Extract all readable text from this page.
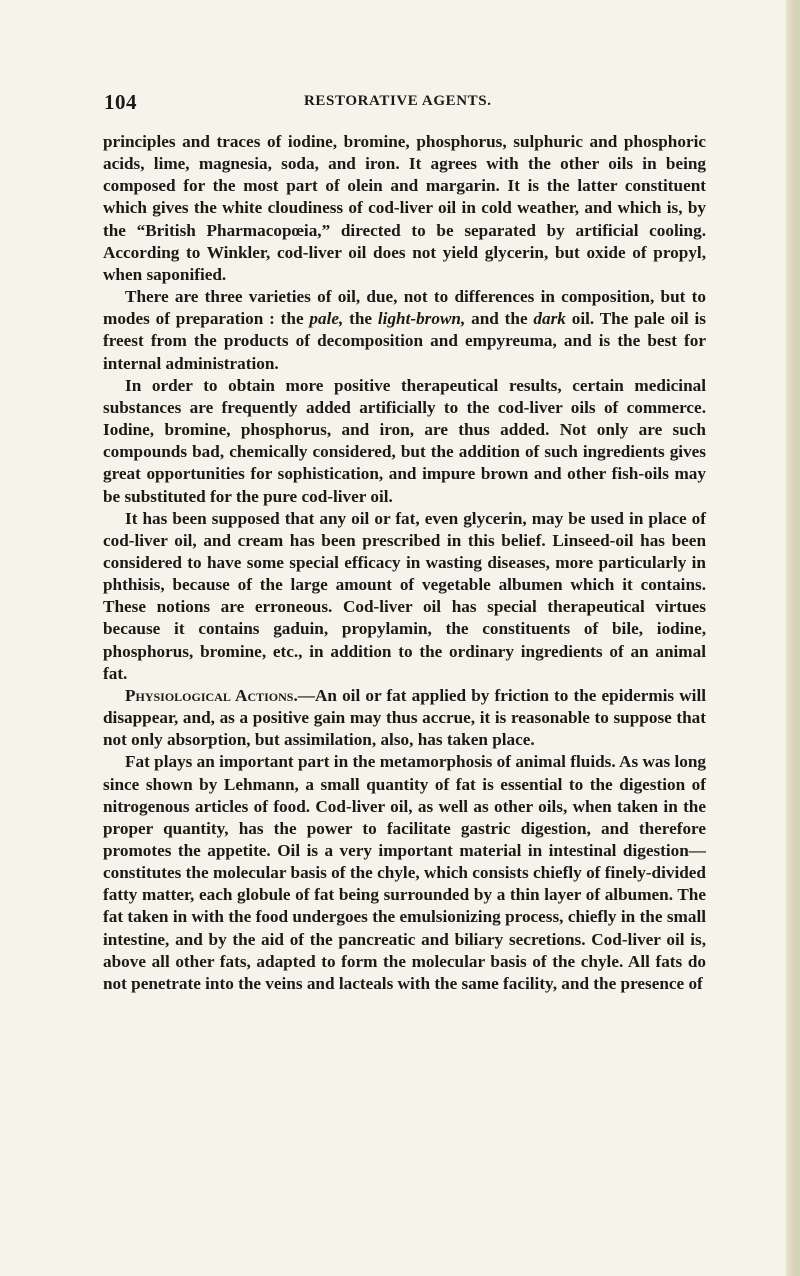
104	RESTORATIVE AGENTS.

principles and traces of iodine, bromine, phosphorus, sulphuric and phosphoric acids, lime, magnesia, soda, and iron. It agrees with the other oils in being composed for the most part of olein and margarin. It is the latter constituent which gives the white cloudiness of cod-liver oil in cold weather, and which is, by the “British Pharmacopœia,” directed to be separated by artificial cooling. According to Winkler, cod-liver oil does not yield glycerin, but oxide of propyl, when saponified.

There are three varieties of oil, due, not to differences in composition, but to modes of preparation : the pale, the light-brown, and the dark oil. The pale oil is freest from the products of decomposition and empyreuma, and is the best for internal administration.

In order to obtain more positive therapeutical results, certain medicinal substances are frequently added artificially to the cod-liver oils of commerce. Iodine, bromine, phosphorus, and iron, are thus added. Not only are such compounds bad, chemically considered, but the addition of such ingredients gives great opportunities for sophistication, and impure brown and other fish-oils may be substituted for the pure cod-liver oil.

It has been supposed that any oil or fat, even glycerin, may be used in place of cod-liver oil, and cream has been prescribed in this belief. Linseed-oil has been considered to have some special efficacy in wasting diseases, more particularly in phthisis, because of the large amount of vegetable albumen which it contains. These notions are erroneous. Cod-liver oil has special therapeutical virtues because it contains gaduin, propylamin, the constituents of bile, iodine, phosphorus, bromine, etc., in addition to the ordinary ingredients of an animal fat.

Physiological Actions.—An oil or fat applied by friction to the epidermis will disappear, and, as a positive gain may thus accrue, it is reasonable to suppose that not only absorption, but assimilation, also, has taken place.

Fat plays an important part in the metamorphosis of animal fluids. As was long since shown by Lehmann, a small quantity of fat is essential to the digestion of nitrogenous articles of food. Cod-liver oil, as well as other oils, when taken in the proper quantity, has the power to facilitate gastric digestion, and therefore promotes the appetite. Oil is a very important material in intestinal digestion—constitutes the molecular basis of the chyle, which consists chiefly of finely-divided fatty matter, each globule of fat being surrounded by a thin layer of albumen. The fat taken in with the food undergoes the emulsionizing process, chiefly in the small intestine, and by the aid of the pancreatic and biliary secretions. Cod-liver oil is, above all other fats, adapted to form the molecular basis of the chyle. All fats do not penetrate into the veins and lacteals with the same facility, and the presence of
